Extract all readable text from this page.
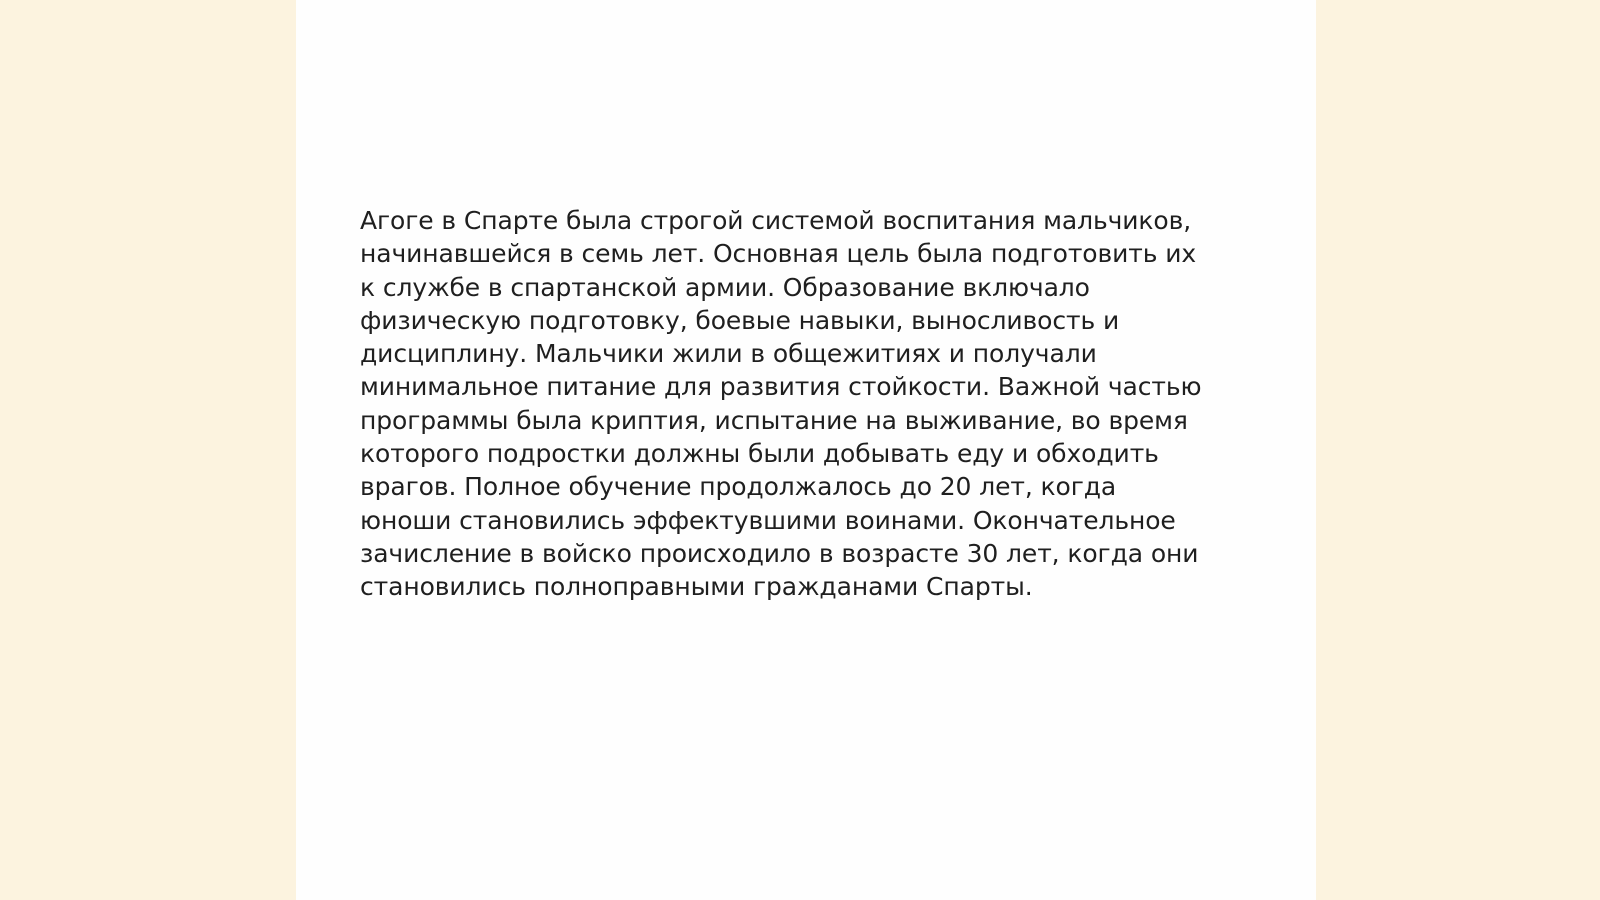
Агоге в Спарте была строгой системой воспитания мальчиков,
начинавшейся в семь лет. Основная цель была подготовить их
к службе в спартанской армии. Образование включало
физическую подготовку, боевые навыки, выносливость и
дисциплину. Мальчики жили в общежитиях и получали
минимальное питание для развития стойкости. Важной частью
программы была криптия, испытание на выживание, во время
которого подростки должны были добывать еду и обходить
врагов. Полное обучение продолжалось до 20 лет, когда
юноши становились эффектувшими воинами. Окончательное
зачисление в войско происходило в возрасте 30 лет, когда они
становились полноправными гражданами Спарты.
